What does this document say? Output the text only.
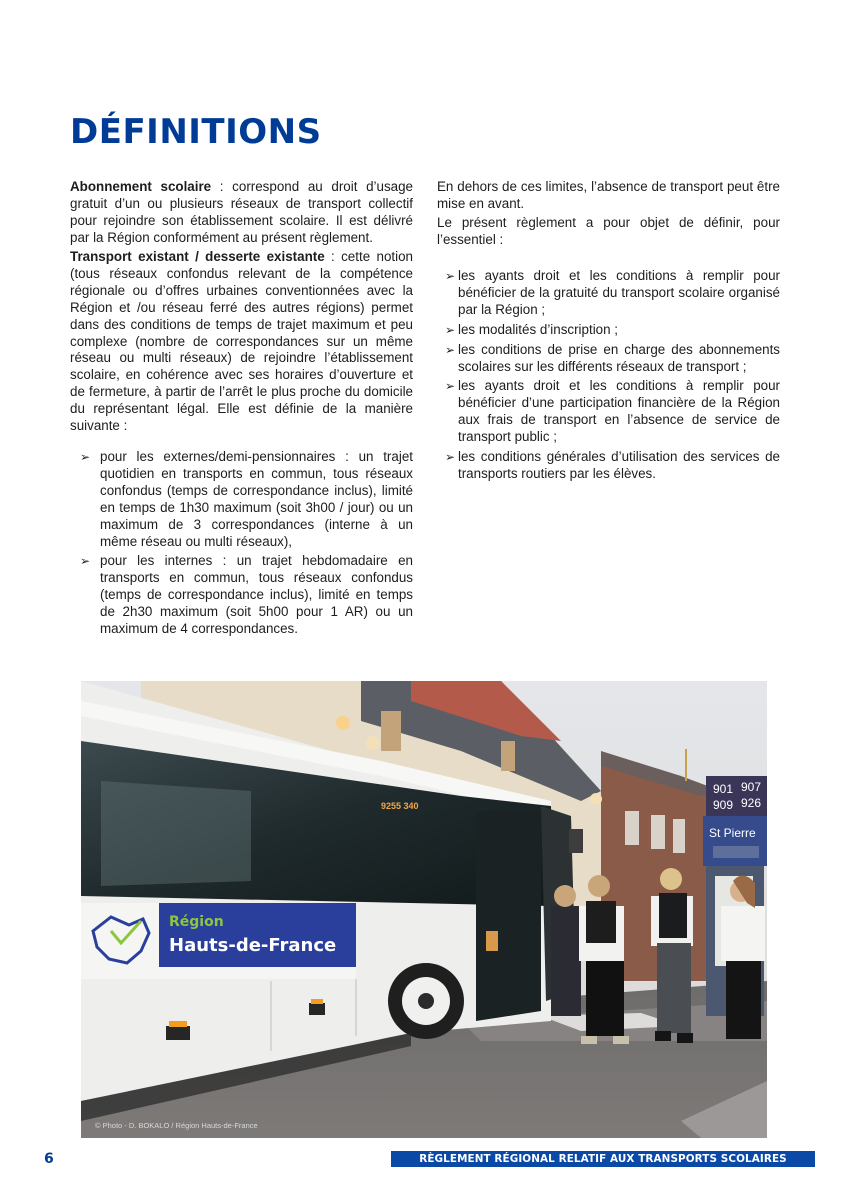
DÉFINITIONS

Abonnement scolaire : correspond au droit d’usage gratuit d’un ou plusieurs réseaux de transport collectif pour rejoindre son établissement scolaire. Il est délivré par la Région conformément au présent règlement.

Transport existant / desserte existante : cette notion (tous réseaux confondus relevant de la compétence régionale ou d’offres urbaines conventionnées avec la Région et /ou réseau ferré des autres régions) permet dans des conditions de temps de trajet maximum et peu complexe (nombre de correspondances sur un même réseau ou multi réseaux) de rejoindre l’établissement scolaire, en cohérence avec ses horaires d’ouverture et de fermeture, à partir de l’arrêt le plus proche du domicile du représentant légal. Elle est définie de la manière suivante :

➢ pour les externes/demi-pensionnaires : un trajet quotidien en transports en commun, tous réseaux confondus (temps de correspondance inclus), limité en temps de 1h30 maximum (soit 3h00 / jour) ou un maximum de 3 correspondances (interne à un même réseau ou multi réseaux),
➢ pour les internes : un trajet hebdomadaire en transports en commun, tous réseaux confondus (temps de correspondance inclus), limité en temps de 2h30 maximum (soit 5h00 pour 1 AR) ou un maximum de 4 correspondances.

En dehors de ces limites, l’absence de transport peut être mise en avant.

Le présent règlement a pour objet de définir, pour l’essentiel :

➢ les ayants droit et les conditions à remplir pour bénéficier de la gratuité du transport scolaire organisé par la Région ;
➢ les modalités d’inscription ;
➢ les conditions de prise en charge des abonnements scolaires sur les différents réseaux de transport ;
➢ les ayants droit et les conditions à remplir pour bénéficier d’une participation financière de la Région aux frais de transport en l’absence de service de transport public ;
➢ les conditions générales d’utilisation des services de transports routiers par les élèves.
9255 340
Région
Hauts-de-France
901 907
909 926
St Pierre
© Photo - D. BOKALO / Région Hauts-de-France
6	RÈGLEMENT RÉGIONAL RELATIF AUX TRANSPORTS SCOLAIRES
